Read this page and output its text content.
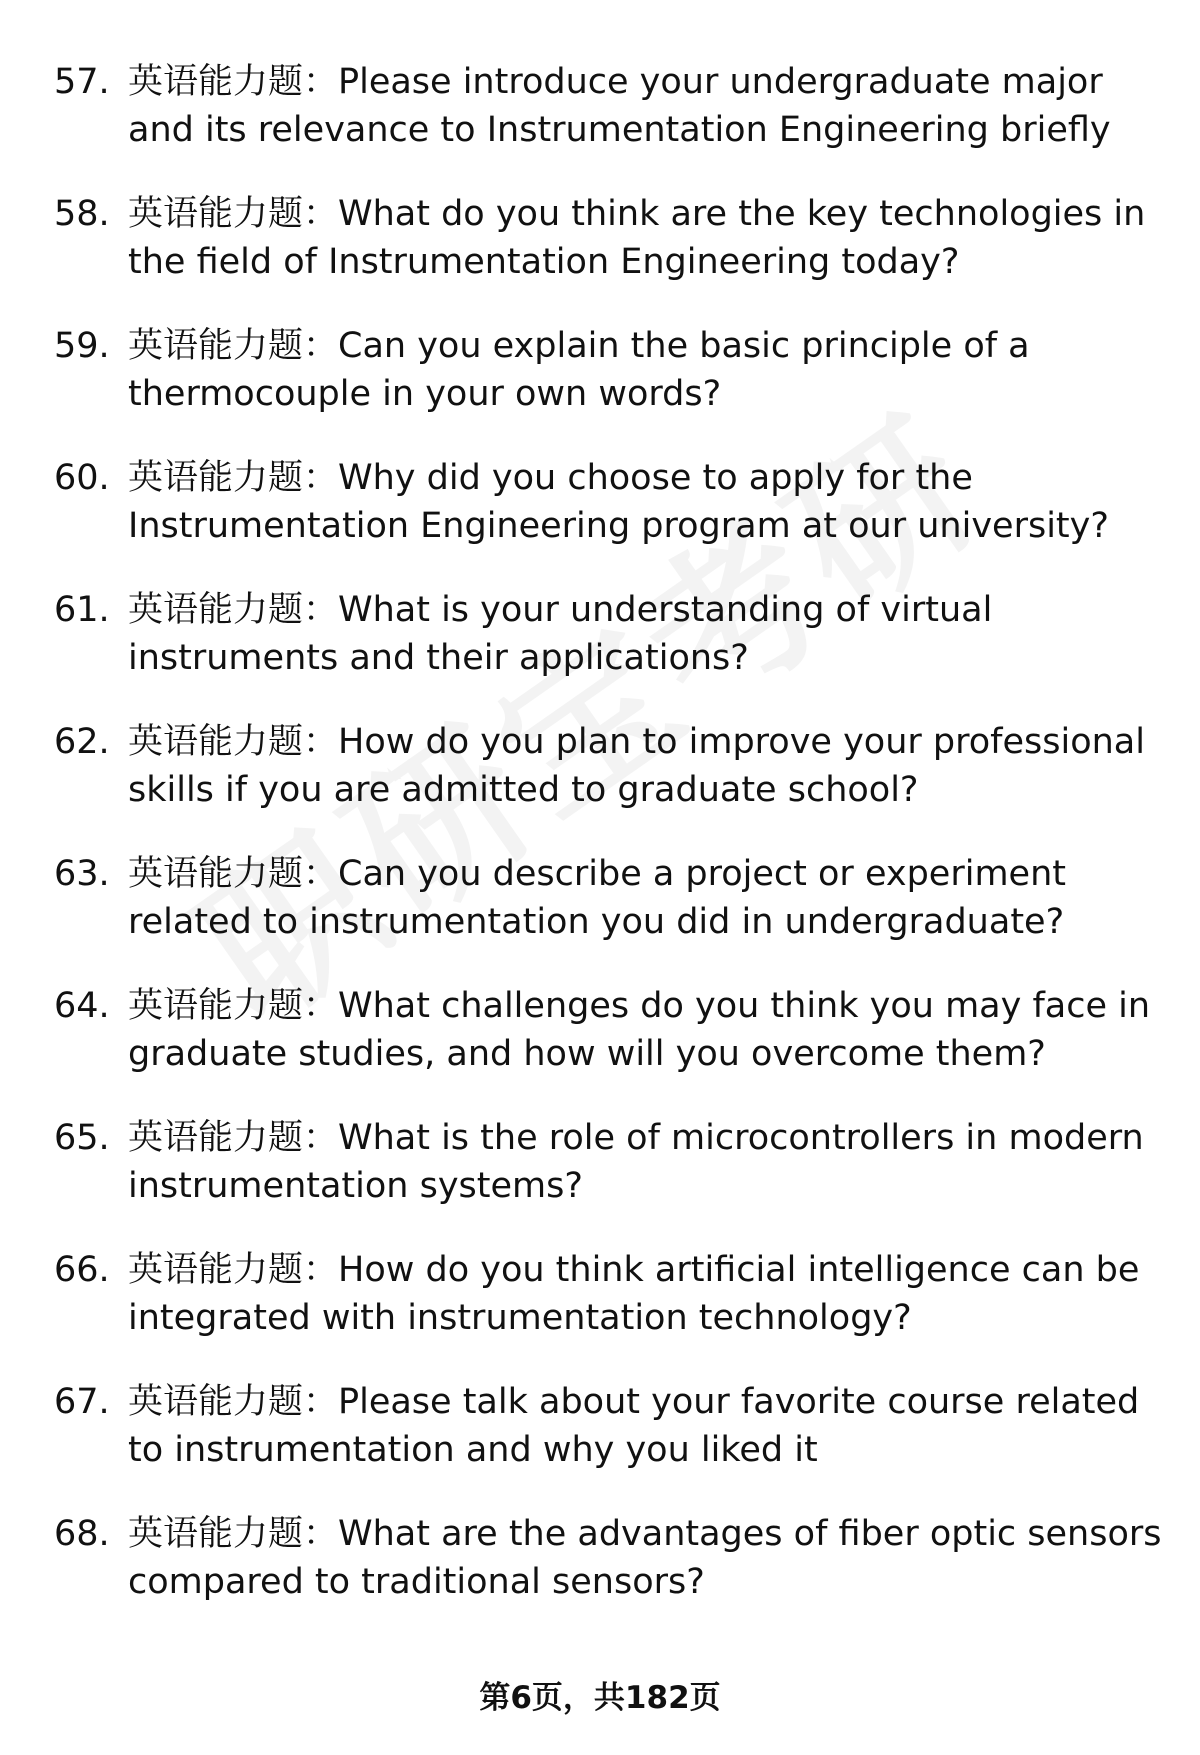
57. 英语能力题：Please introduce your undergraduate major
and its relevance to Instrumentation Engineering briefly
58. 英语能力题：What do you think are the key technologies in
the field of Instrumentation Engineering today?
59. 英语能力题：Can you explain the basic principle of a
thermocouple in your own words?
60. 英语能力题：Why did you choose to apply for the
Instrumentation Engineering program at our university?
61. 英语能力题：What is your understanding of virtual
instruments and their applications?
62. 英语能力题：How do you plan to improve your professional
skills if you are admitted to graduate school?
63. 英语能力题：Can you describe a project or experiment
related to instrumentation you did in undergraduate?
64. 英语能力题：What challenges do you think you may face in
graduate studies, and how will you overcome them?
65. 英语能力题：What is the role of microcontrollers in modern
instrumentation systems?
66. 英语能力题：How do you think artificial intelligence can be
integrated with instrumentation technology?
67. 英语能力题：Please talk about your favorite course related
to instrumentation and why you liked it
68. 英语能力题：What are the advantages of fiber optic sensors
compared to traditional sensors?
第6页，共182页
